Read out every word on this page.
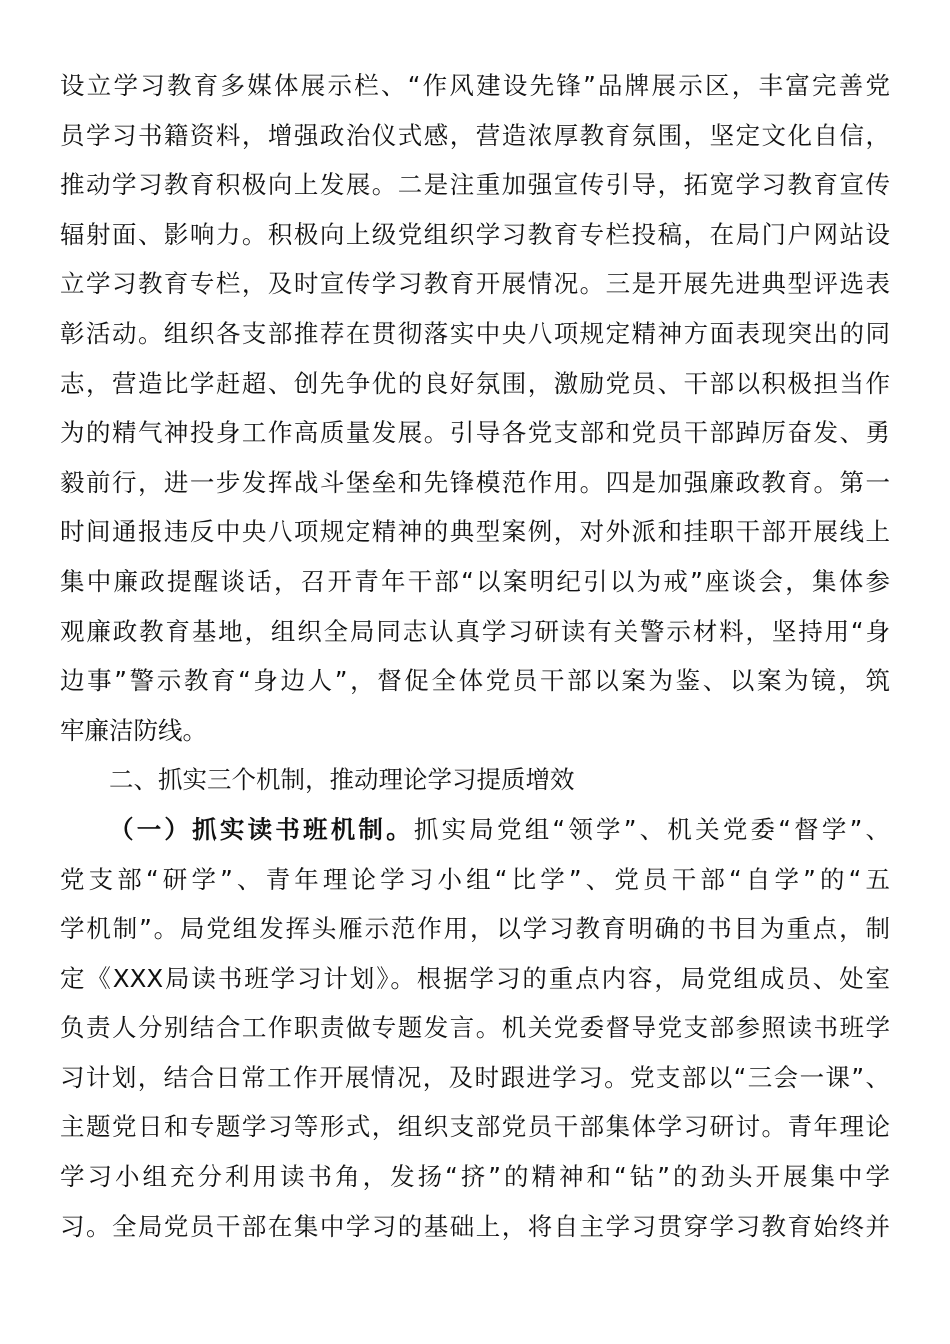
设立学习教育多媒体展示栏、“作风建设先锋”品牌展示区，丰富完善党
员学习书籍资料，增强政治仪式感，营造浓厚教育氛围，坚定文化自信，
推动学习教育积极向上发展。二是注重加强宣传引导，拓宽学习教育宣传
辐射面、影响力。积极向上级党组织学习教育专栏投稿，在局门户网站设
立学习教育专栏，及时宣传学习教育开展情况。三是开展先进典型评选表
彰活动。组织各支部推荐在贯彻落实中央八项规定精神方面表现突出的同
志，营造比学赶超、创先争优的良好氛围，激励党员、干部以积极担当作
为的精气神投身工作高质量发展。引导各党支部和党员干部踔厉奋发、勇
毅前行，进一步发挥战斗堡垒和先锋模范作用。四是加强廉政教育。第一
时间通报违反中央八项规定精神的典型案例，对外派和挂职干部开展线上
集中廉政提醒谈话，召开青年干部“以案明纪引以为戒”座谈会，集体参
观廉政教育基地，组织全局同志认真学习研读有关警示材料，坚持用“身
边事”警示教育“身边人”，督促全体党员干部以案为鉴、以案为镜，筑
牢廉洁防线。
二、抓实三个机制，推动理论学习提质增效
（一）抓实读书班机制。抓实局党组“领学”、机关党委“督学”、
党支部“研学”、青年理论学习小组“比学”、党员干部“自学”的“五
学机制”。局党组发挥头雁示范作用，以学习教育明确的书目为重点，制
定《XXX局读书班学习计划》。根据学习的重点内容，局党组成员、处室
负责人分别结合工作职责做专题发言。机关党委督导党支部参照读书班学
习计划，结合日常工作开展情况，及时跟进学习。党支部以“三会一课”、
主题党日和专题学习等形式，组织支部党员干部集体学习研讨。青年理论
学习小组充分利用读书角，发扬“挤”的精神和“钻”的劲头开展集中学
习。全局党员干部在集中学习的基础上，将自主学习贯穿学习教育始终并
